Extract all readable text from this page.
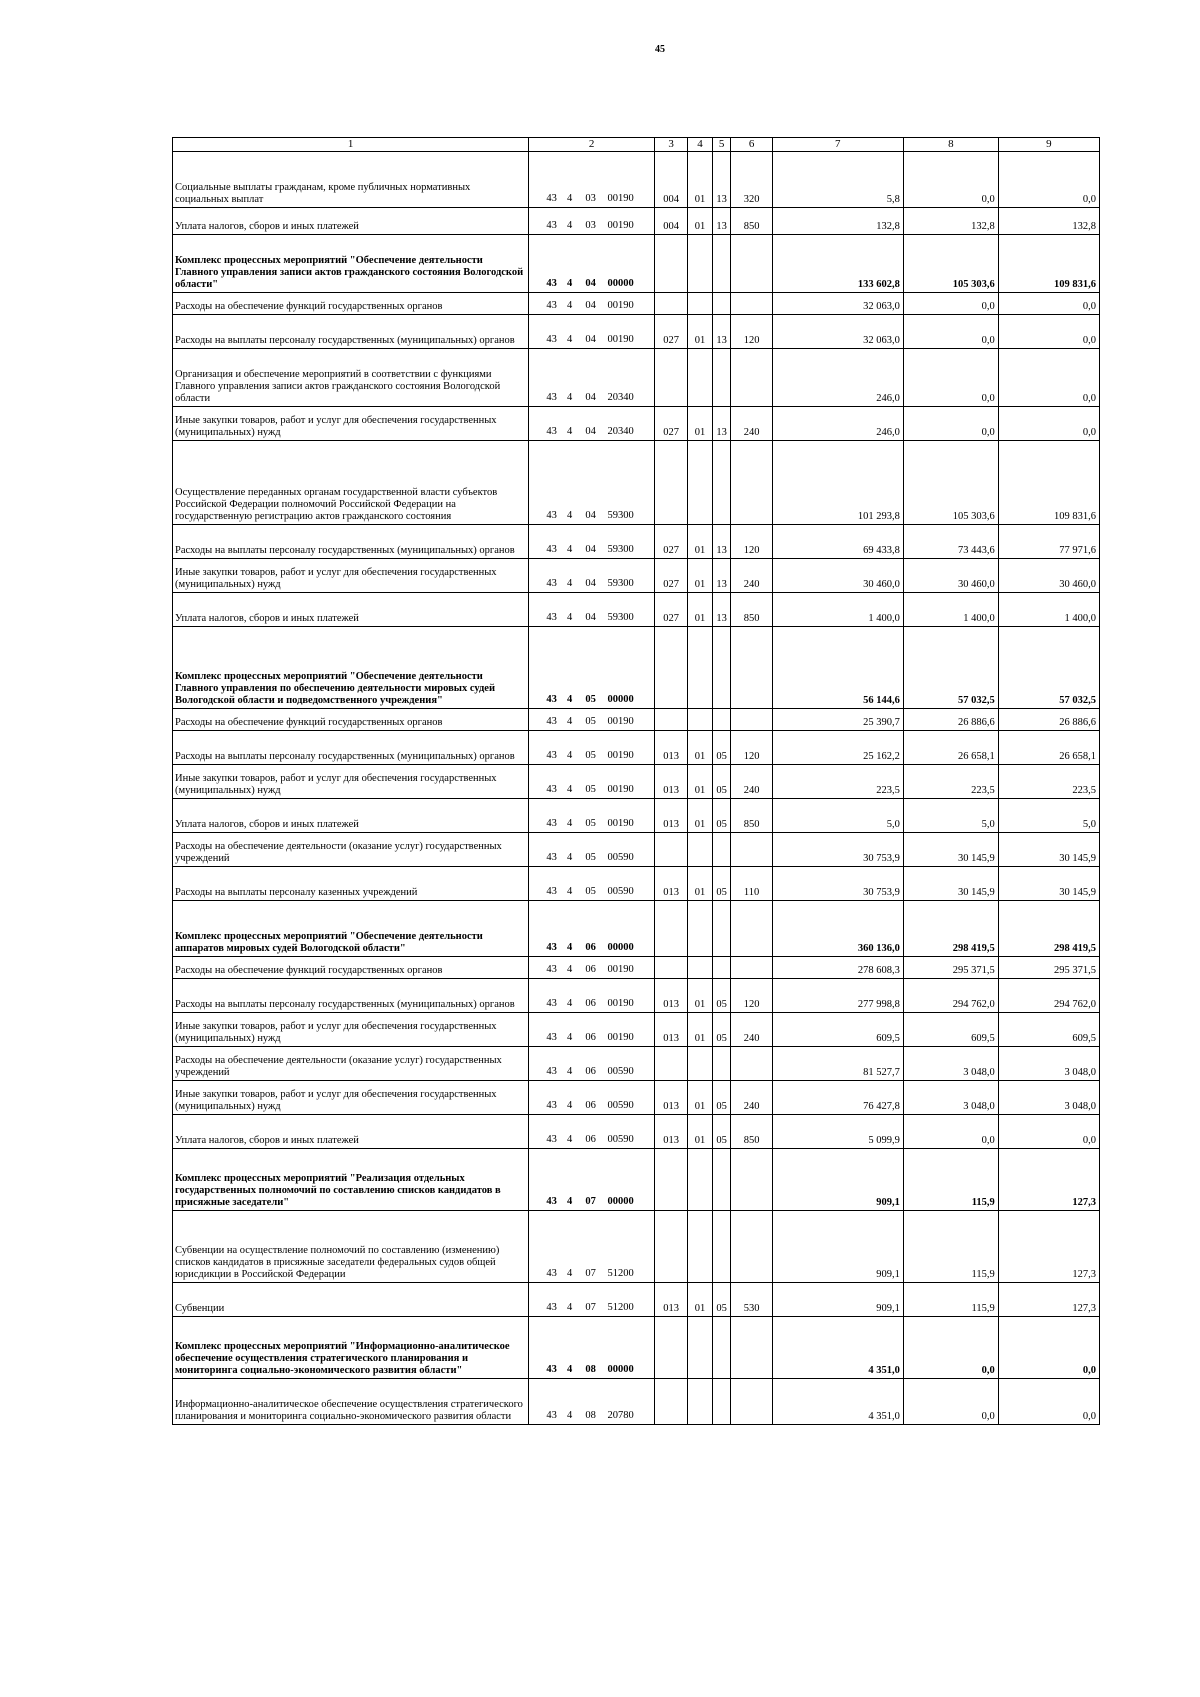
45
1	2	3	4	5	6	7	8	9
Социальные выплаты гражданам, кроме публичных нормативных социальных выплат	43 4 03 00190	004	01	13	320	5,8	0,0	0,0
Уплата налогов, сборов и иных платежей	43 4 03 00190	004	01	13	850	132,8	132,8	132,8
Комплекс процессных мероприятий "Обеспечение деятельности Главного управления записи актов гражданского состояния Вологодской области"	43 4 04 00000					133 602,8	105 303,6	109 831,6
Расходы на обеспечение функций государственных органов	43 4 04 00190					32 063,0	0,0	0,0
Расходы на выплаты персоналу государственных (муниципальных) органов	43 4 04 00190	027	01	13	120	32 063,0	0,0	0,0
Организация и обеспечение мероприятий в соответствии с функциями Главного управления записи актов гражданского состояния Вологодской области	43 4 04 20340					246,0	0,0	0,0
Иные закупки товаров, работ и услуг для обеспечения государственных (муниципальных) нужд	43 4 04 20340	027	01	13	240	246,0	0,0	0,0
Осуществление переданных органам государственной власти субъектов Российской Федерации полномочий Российской Федерации на государственную регистрацию актов гражданского состояния	43 4 04 59300					101 293,8	105 303,6	109 831,6
Расходы на выплаты персоналу государственных (муниципальных) органов	43 4 04 59300	027	01	13	120	69 433,8	73 443,6	77 971,6
Иные закупки товаров, работ и услуг для обеспечения государственных (муниципальных) нужд	43 4 04 59300	027	01	13	240	30 460,0	30 460,0	30 460,0
Уплата налогов, сборов и иных платежей	43 4 04 59300	027	01	13	850	1 400,0	1 400,0	1 400,0
Комплекс процессных мероприятий "Обеспечение деятельности Главного управления по обеспечению деятельности мировых судей Вологодской области и подведомственного учреждения"	43 4 05 00000					56 144,6	57 032,5	57 032,5
Расходы на обеспечение функций государственных органов	43 4 05 00190					25 390,7	26 886,6	26 886,6
Расходы на выплаты персоналу государственных (муниципальных) органов	43 4 05 00190	013	01	05	120	25 162,2	26 658,1	26 658,1
Иные закупки товаров, работ и услуг для обеспечения государственных (муниципальных) нужд	43 4 05 00190	013	01	05	240	223,5	223,5	223,5
Уплата налогов, сборов и иных платежей	43 4 05 00190	013	01	05	850	5,0	5,0	5,0
Расходы на обеспечение деятельности (оказание услуг) государственных учреждений	43 4 05 00590					30 753,9	30 145,9	30 145,9
Расходы на выплаты персоналу казенных учреждений	43 4 05 00590	013	01	05	110	30 753,9	30 145,9	30 145,9
Комплекс процессных мероприятий "Обеспечение деятельности аппаратов мировых судей Вологодской области"	43 4 06 00000					360 136,0	298 419,5	298 419,5
Расходы на обеспечение функций государственных органов	43 4 06 00190					278 608,3	295 371,5	295 371,5
Расходы на выплаты персоналу государственных (муниципальных) органов	43 4 06 00190	013	01	05	120	277 998,8	294 762,0	294 762,0
Иные закупки товаров, работ и услуг для обеспечения государственных (муниципальных) нужд	43 4 06 00190	013	01	05	240	609,5	609,5	609,5
Расходы на обеспечение деятельности (оказание услуг) государственных учреждений	43 4 06 00590					81 527,7	3 048,0	3 048,0
Иные закупки товаров, работ и услуг для обеспечения государственных (муниципальных) нужд	43 4 06 00590	013	01	05	240	76 427,8	3 048,0	3 048,0
Уплата налогов, сборов и иных платежей	43 4 06 00590	013	01	05	850	5 099,9	0,0	0,0
Комплекс процессных мероприятий "Реализация отдельных государственных полномочий по составлению списков кандидатов в присяжные заседатели"	43 4 07 00000					909,1	115,9	127,3
Субвенции на осуществление полномочий по составлению (изменению) списков кандидатов в присяжные заседатели федеральных судов общей юрисдикции в Российской Федерации	43 4 07 51200					909,1	115,9	127,3
Субвенции	43 4 07 51200	013	01	05	530	909,1	115,9	127,3
Комплекс процессных мероприятий "Информационно-аналитическое обеспечение осуществления стратегического планирования и мониторинга социально-экономического развития области"	43 4 08 00000					4 351,0	0,0	0,0
Информационно-аналитическое обеспечение осуществления стратегического планирования и мониторинга социально-экономического развития области	43 4 08 20780					4 351,0	0,0	0,0
